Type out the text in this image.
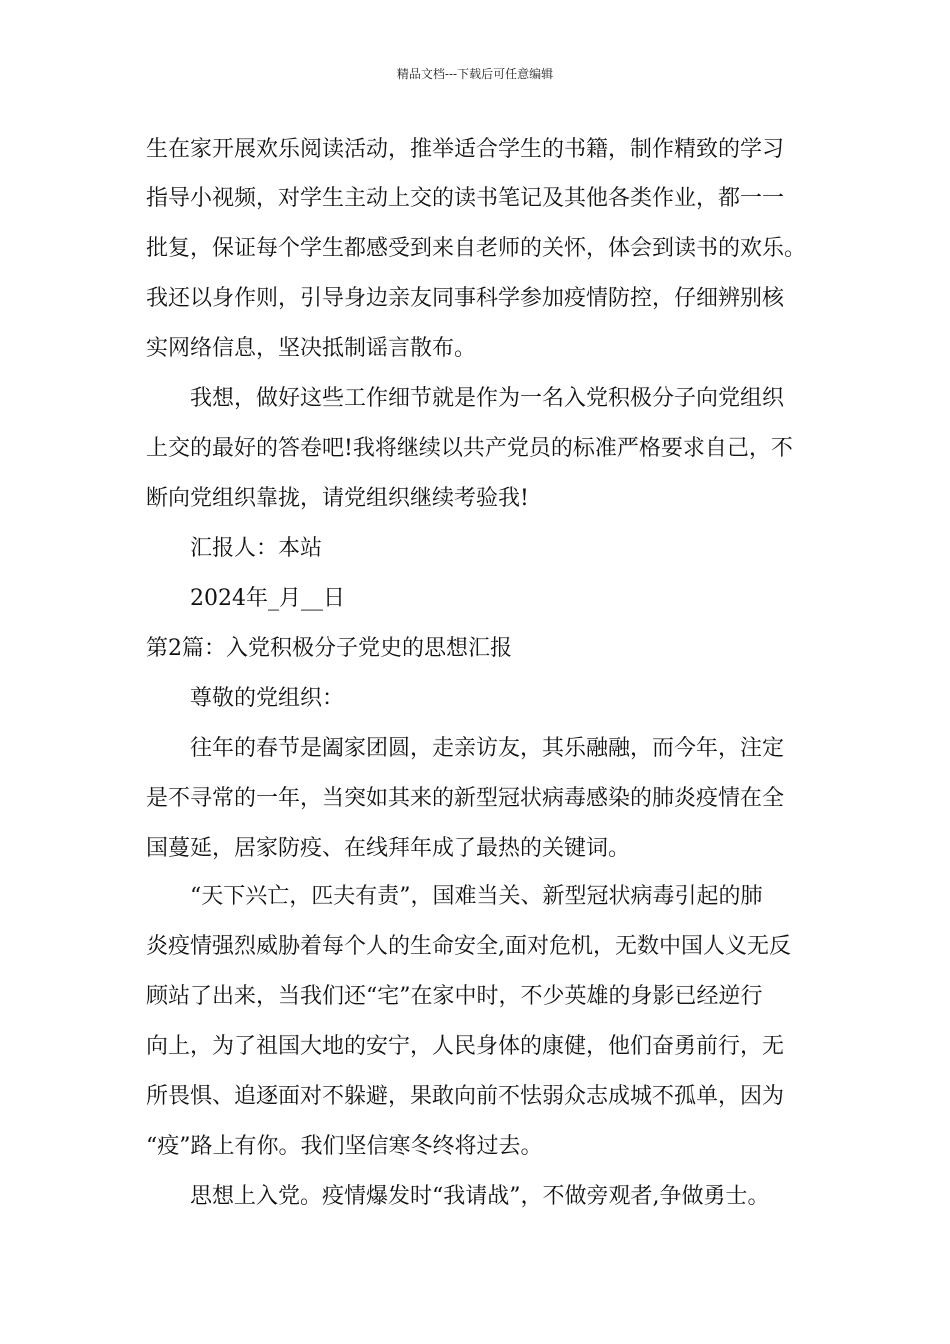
精品文档---下载后可任意编辑
生在家开展欢乐阅读活动，推举适合学生的书籍，制作精致的学习
指导小视频，对学生主动上交的读书笔记及其他各类作业，都一一
批复，保证每个学生都感受到来自老师的关怀，体会到读书的欢乐。
我还以身作则，引导身边亲友同事科学参加疫情防控，仔细辨别核
实网络信息，坚决抵制谣言散布。
我想，做好这些工作细节就是作为一名入党积极分子向党组织
上交的最好的答卷吧!我将继续以共产党员的标准严格要求自己，不
断向党组织靠拢，请党组织继续考验我!
汇报人：本站
2024年_月__日
第2篇：入党积极分子党史的思想汇报
尊敬的党组织：
往年的春节是阖家团圆，走亲访友，其乐融融，而今年，注定
是不寻常的一年，当突如其来的新型冠状病毒感染的肺炎疫情在全
国蔓延，居家防疫、在线拜年成了最热的关键词。
“天下兴亡，匹夫有责”，国难当关、新型冠状病毒引起的肺
炎疫情强烈威胁着每个人的生命安全,面对危机，无数中国人义无反
顾站了出来，当我们还“宅”在家中时，不少英雄的身影已经逆行
向上，为了祖国大地的安宁，人民身体的康健，他们奋勇前行，无
所畏惧、追逐面对不躲避，果敢向前不怯弱众志成城不孤单，因为
“疫”路上有你。我们坚信寒冬终将过去。
思想上入党。疫情爆发时“我请战”，不做旁观者,争做勇士。
